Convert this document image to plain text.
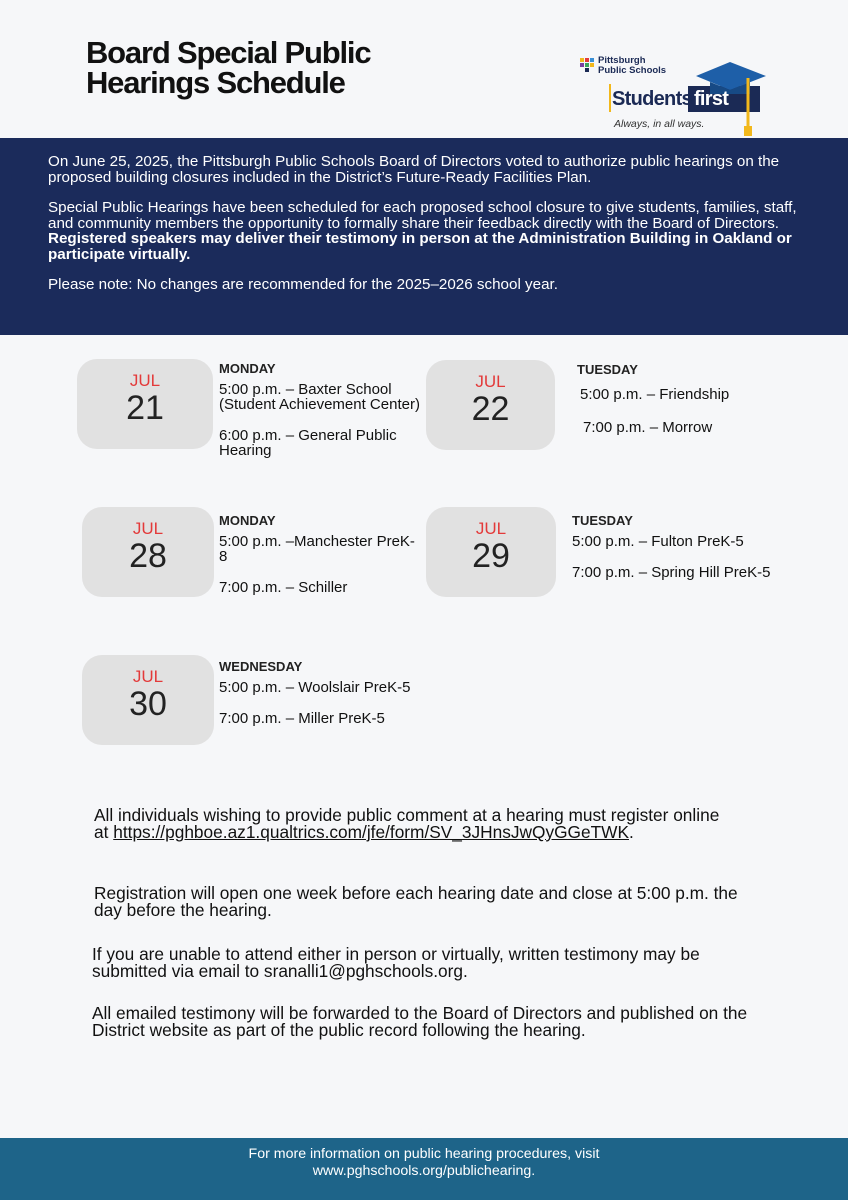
Board Special Public
Hearings Schedule
Pittsburgh
Public Schools
Students first
Always, in all ways.

On June 25, 2025, the Pittsburgh Public Schools Board of Directors voted to authorize public hearings on the proposed building closures included in the District’s Future-Ready Facilities Plan.

Special Public Hearings have been scheduled for each proposed school closure to give students, families, staff, and community members the opportunity to formally share their feedback directly with the Board of Directors. Registered speakers may deliver their testimony in person at the Administration Building in Oakland or participate virtually.

Please note: No changes are recommended for the 2025–2026 school year.

JUL
21
MONDAY
5:00 p.m. – Baxter School (Student Achievement Center)
6:00 p.m. – General Public Hearing
JUL
22
TUESDAY
5:00 p.m. – Friendship
7:00 p.m. – Morrow
JUL
28
MONDAY
5:00 p.m. –Manchester PreK-8
7:00 p.m. – Schiller
JUL
29
TUESDAY
5:00 p.m. – Fulton PreK-5
7:00 p.m. – Spring Hill PreK-5
JUL
30
WEDNESDAY
5:00 p.m. – Woolslair PreK-5
7:00 p.m. – Miller PreK-5

All individuals wishing to provide public comment at a hearing must register online at https://pghboe.az1.qualtrics.com/jfe/form/SV_3JHnsJwQyGGeTWK.

Registration will open one week before each hearing date and close at 5:00 p.m. the day before the hearing.

If you are unable to attend either in person or virtually, written testimony may be submitted via email to sranalli1@pghschools.org.

All emailed testimony will be forwarded to the Board of Directors and published on the District website as part of the public record following the hearing.

For more information on public hearing procedures, visit
www.pghschools.org/publichearing.
